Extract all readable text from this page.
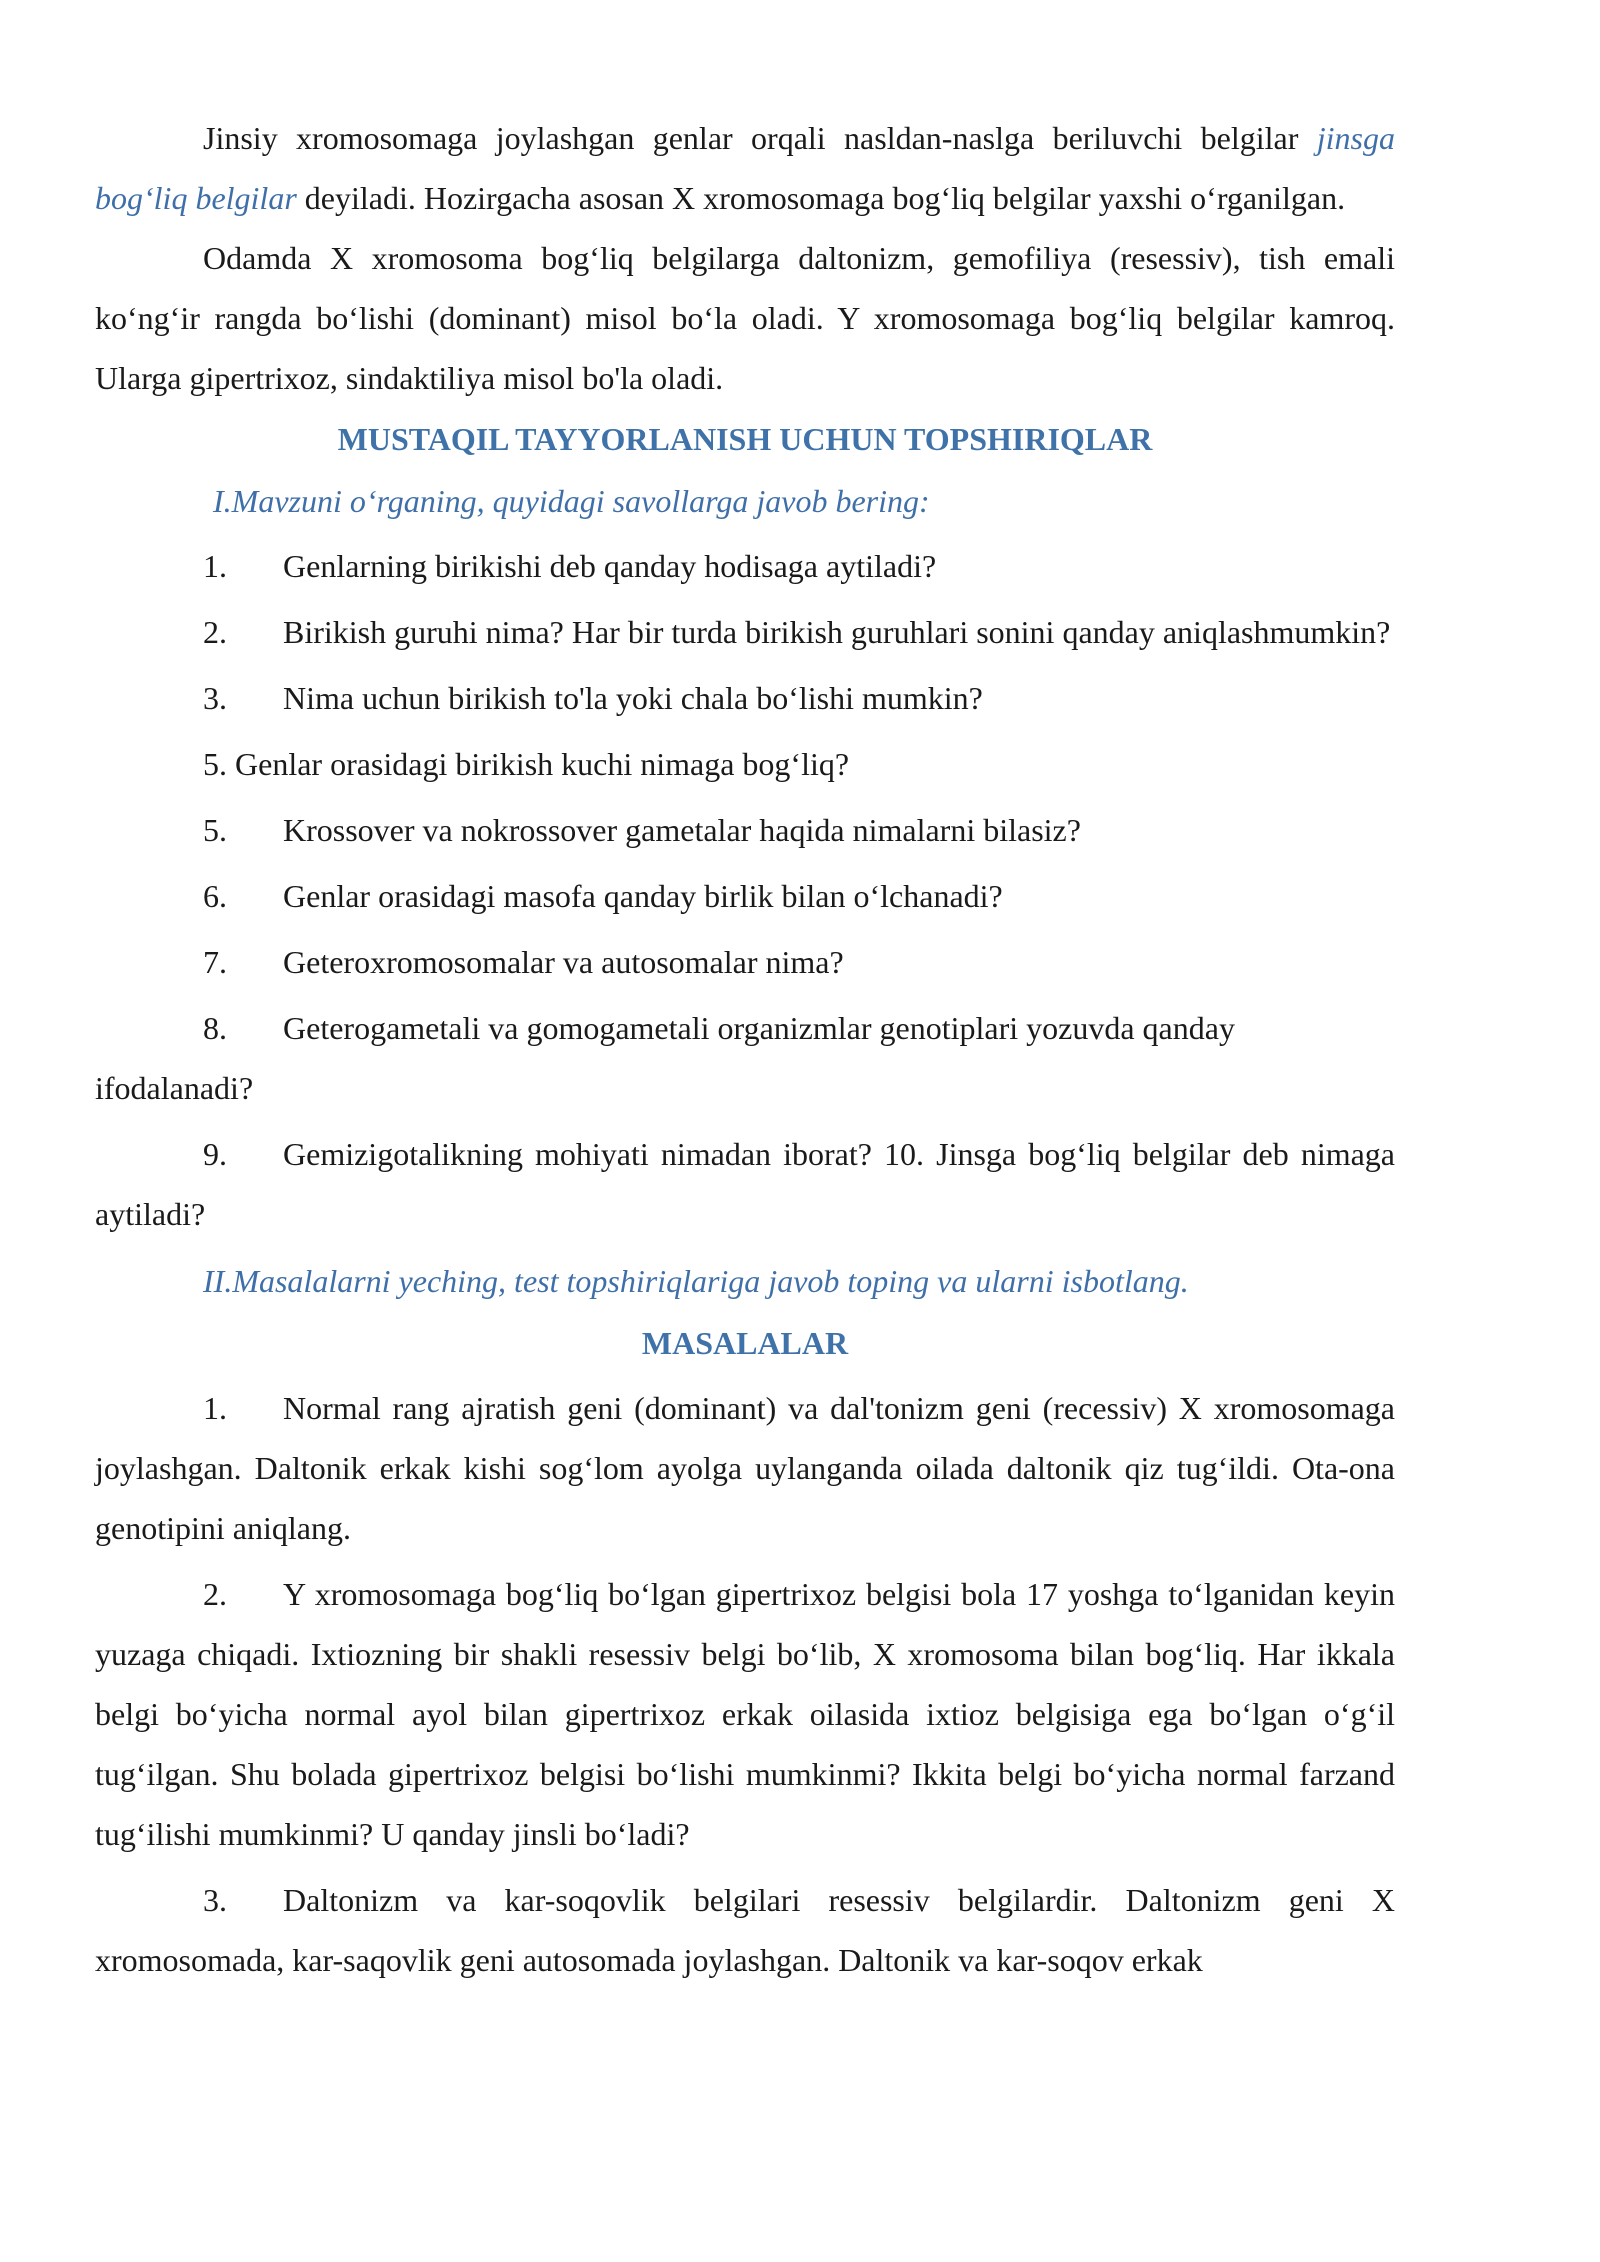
Jinsiy xromosomaga joylashgan genlar orqali nasldan-naslga beriluvchi belgilar jinsga bog‘liq belgilar deyiladi. Hozirgacha asosan X xromosomaga bog‘liq belgilar yaxshi o‘rganilgan.

Odamda X xromosoma bog‘liq belgilarga daltonizm, gemofiliya (resessiv), tish emali ko‘ng‘ir rangda bo‘lishi (dominant) misol bo‘la oladi. Y xromosomaga bog‘liq belgilar kamroq. Ularga gipertrixoz, sindaktiliya misol bo'la oladi.

MUSTAQIL TAYYORLANISH UCHUN TOPSHIRIQLAR

I.Mavzuni o‘rganing, quyidagi savollarga javob bering:

1. Genlarning birikishi deb qanday hodisaga aytiladi?

2. Birikish guruhi nima? Har bir turda birikish guruhlari sonini qanday aniqlashmumkin?

3. Nima uchun birikish to'la yoki chala bo‘lishi mumkin?

5. Genlar orasidagi birikish kuchi nimaga bog‘liq?

5. Krossover va nokrossover gametalar haqida nimalarni bilasiz?

6. Genlar orasidagi masofa qanday birlik bilan o‘lchanadi?

7. Geteroxromosomalar va autosomalar nima?

8. Geterogametali va gomogametali organizmlar genotiplari yozuvda qanday ifodalanadi?

9. Gemizigotalikning mohiyati nimadan iborat? 10. Jinsga bog‘liq belgilar deb nimaga aytiladi?

II.Masalalarni yeching, test topshiriqlariga javob toping va ularni isbotlang.

MASALALAR

1. Normal rang ajratish geni (dominant) va dal'tonizm geni (recessiv) X xromosomaga joylashgan. Daltonik erkak kishi sog‘lom ayolga uylanganda oilada daltonik qiz tug‘ildi. Ota-ona genotipini aniqlang.

2. Y xromosomaga bog‘liq bo‘lgan gipertrixoz belgisi bola 17 yoshga to‘lganidan keyin yuzaga chiqadi. Ixtiozning bir shakli resessiv belgi bo‘lib, X xromosoma bilan bog‘liq. Har ikkala belgi bo‘yicha normal ayol bilan gipertrixoz erkak oilasida ixtioz belgisiga ega bo‘lgan o‘g‘il tug‘ilgan. Shu bolada gipertrixoz belgisi bo‘lishi mumkinmi? Ikkita belgi bo‘yicha normal farzand tug‘ilishi mumkinmi? U qanday jinsli bo‘ladi?

3. Daltonizm va kar-soqovlik belgilari resessiv belgilardir. Daltonizm geni X xromosomada, kar-saqovlik geni autosomada joylashgan. Daltonik va kar-soqov erkak
